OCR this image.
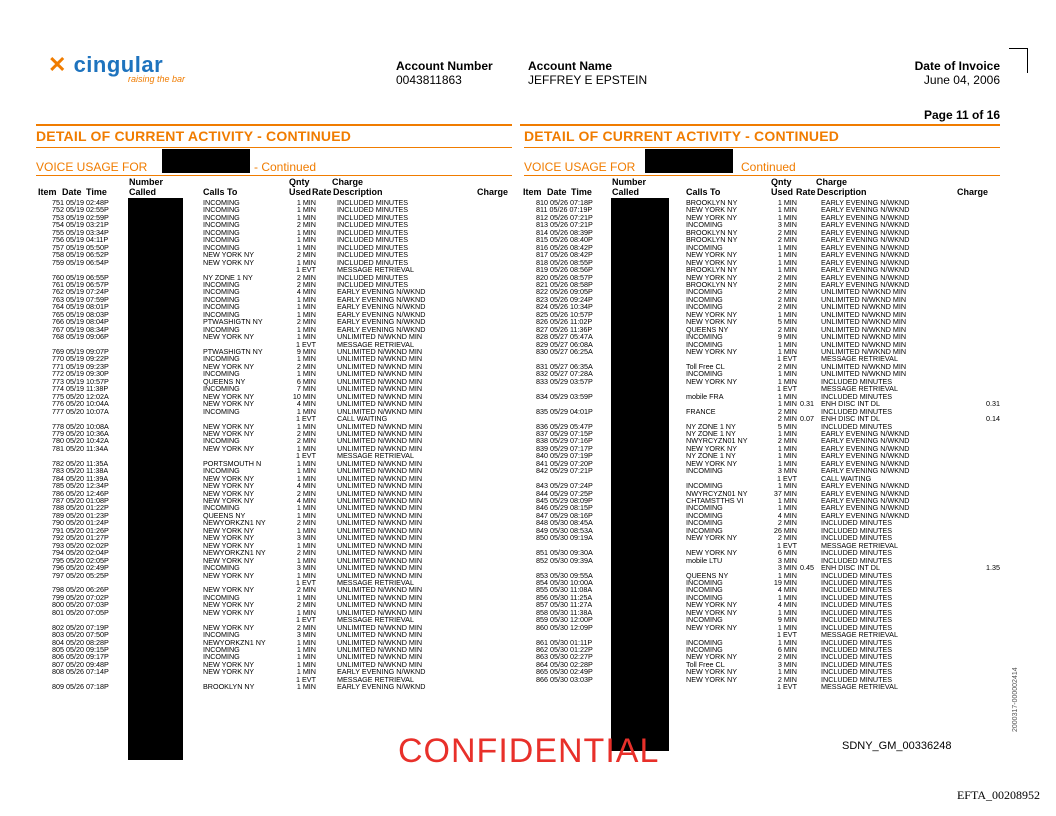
✕ cingular
raising the bar
Account Number
0043811863
Account Name
JEFFREY E EPSTEIN
Date of Invoice
June 04, 2006
Page 11 of 16
DETAIL OF CURRENT ACTIVITY - CONTINUED
VOICE USAGE FOR	- Continued
DETAIL OF CURRENT ACTIVITY - CONTINUED
VOICE USAGE FOR	Continued
Number	Qnty Charge
Item Date Time Called	Calls To	Used Rate Description	Charge
Number	Qnty	Charge
Item Date Time Called	Calls To	Used Rate Description	Charge
751 05/19 02:48P	INCOMING	1 MIN	INCLUDED MINUTES
752 05/19 02:55P	INCOMING	1 MIN	INCLUDED MINUTES
753 05/19 02:59P	INCOMING	1 MIN	INCLUDED MINUTES
754 05/19 03:21P	INCOMING	2 MIN	INCLUDED MINUTES
755 05/19 03:34P	INCOMING	1 MIN	INCLUDED MINUTES
756 05/19 04:11P	INCOMING	1 MIN	INCLUDED MINUTES
757 05/19 05:50P	INCOMING	1 MIN	INCLUDED MINUTES
758 05/19 06:52P	NEW YORK NY	2 MIN	INCLUDED MINUTES
759 05/19 06:54P	NEW YORK NY	1 MIN	INCLUDED MINUTES
1 EVT	MESSAGE RETRIEVAL
760 05/19 06:55P	NY ZONE 1 NY	2 MIN	INCLUDED MINUTES
761 05/19 06:57P	INCOMING	2 MIN	INCLUDED MINUTES
762 05/19 07:24P	INCOMING	4 MIN	EARLY EVENING N/WKND
763 05/19 07:59P	INCOMING	1 MIN	EARLY EVENING N/WKND
764 05/19 08:01P	INCOMING	1 MIN	EARLY EVENING N/WKND
765 05/19 08:03P	INCOMING	1 MIN	EARLY EVENING N/WKND
766 05/19 08:04P	PTWASHIGTN NY	2 MIN	EARLY EVENING N/WKND
767 05/19 08:34P	INCOMING	1 MIN	EARLY EVENING N/WKND
768 05/19 09:06P	NEW YORK NY	1 MIN	UNLIMITED N/WKND MIN
1 EVT	MESSAGE RETRIEVAL
769 05/19 09:07P	PTWASHIGTN NY	9 MIN	UNLIMITED N/WKND MIN
770 05/19 09:22P	INCOMING	1 MIN	UNLIMITED N/WKND MIN
771 05/19 09:23P	NEW YORK NY	2 MIN	UNLIMITED N/WKND MIN
772 05/19 09:30P	INCOMING	1 MIN	UNLIMITED N/WKND MIN
773 05/19 10:57P	QUEENS NY	6 MIN	UNLIMITED N/WKND MIN
774 05/19 11:38P	INCOMING	7 MIN	UNLIMITED N/WKND MIN
775 05/20 12:02A	NEW YORK NY	10 MIN	UNLIMITED N/WKND MIN
776 05/20 10:04A	NEW YORK NY	4 MIN	UNLIMITED N/WKND MIN
777 05/20 10:07A	INCOMING	1 MIN	UNLIMITED N/WKND MIN
1 EVT	CALL WAITING
778 05/20 10:08A	NEW YORK NY	1 MIN	UNLIMITED N/WKND MIN
779 05/20 10:36A	NEW YORK NY	2 MIN	UNLIMITED N/WKND MIN
780 05/20 10:42A	INCOMING	2 MIN	UNLIMITED N/WKND MIN
781 05/20 11:34A	NEW YORK NY	1 MIN	UNLIMITED N/WKND MIN
1 EVT	MESSAGE RETRIEVAL
782 05/20 11:35A	PORTSMOUTH N	1 MIN	UNLIMITED N/WKND MIN
783 05/20 11:38A	INCOMING	1 MIN	UNLIMITED N/WKND MIN
784 05/20 11:39A	NEW YORK NY	1 MIN	UNLIMITED N/WKND MIN
785 05/20 12:34P	NEW YORK NY	4 MIN	UNLIMITED N/WKND MIN
786 05/20 12:46P	NEW YORK NY	2 MIN	UNLIMITED N/WKND MIN
787 05/20 01:08P	NEW YORK NY	4 MIN	UNLIMITED N/WKND MIN
788 05/20 01:22P	INCOMING	1 MIN	UNLIMITED N/WKND MIN
789 05/20 01:23P	QUEENS NY	1 MIN	UNLIMITED N/WKND MIN
790 05/20 01:24P	NEWYORKZN1 NY	2 MIN	UNLIMITED N/WKND MIN
791 05/20 01:26P	NEW YORK NY	1 MIN	UNLIMITED N/WKND MIN
792 05/20 01:27P	NEW YORK NY	3 MIN	UNLIMITED N/WKND MIN
793 05/20 02:02P	NEW YORK NY	1 MIN	UNLIMITED N/WKND MIN
794 05/20 02:04P	NEWYORKZN1 NY	2 MIN	UNLIMITED N/WKND MIN
795 05/20 02:05P	NEW YORK NY	1 MIN	UNLIMITED N/WKND MIN
796 05/20 02:49P	INCOMING	3 MIN	UNLIMITED N/WKND MIN
797 05/20 05:25P	NEW YORK NY	1 MIN	UNLIMITED N/WKND MIN
1 EVT	MESSAGE RETRIEVAL
798 05/20 06:26P	NEW YORK NY	2 MIN	UNLIMITED N/WKND MIN
799 05/20 07:02P	INCOMING	1 MIN	UNLIMITED N/WKND MIN
800 05/20 07:03P	NEW YORK NY	2 MIN	UNLIMITED N/WKND MIN
801 05/20 07:05P	NEW YORK NY	1 MIN	UNLIMITED N/WKND MIN
1 EVT	MESSAGE RETRIEVAL
802 05/20 07:19P	NEW YORK NY	2 MIN	UNLIMITED N/WKND MIN
803 05/20 07:50P	INCOMING	3 MIN	UNLIMITED N/WKND MIN
804 05/20 08:28P	NEWYORKZN1 NY	1 MIN	UNLIMITED N/WKND MIN
805 05/20 09:15P	INCOMING	1 MIN	UNLIMITED N/WKND MIN
806 05/20 09:17P	INCOMING	1 MIN	UNLIMITED N/WKND MIN
807 05/20 09:48P	NEW YORK NY	1 MIN	UNLIMITED N/WKND MIN
808 05/26 07:14P	NEW YORK NY	1 MIN	EARLY EVENING N/WKND
1 EVT	MESSAGE RETRIEVAL
809 05/26 07:18P	BROOKLYN NY	1 MIN	EARLY EVENING N/WKND
810 05/26 07:18P	BROOKLYN NY	1 MIN	EARLY EVENING N/WKND
811 05/26 07:19P	NEW YORK NY	1 MIN	EARLY EVENING N/WKND
812 05/26 07:21P	NEW YORK NY	1 MIN	EARLY EVENING N/WKND
813 05/26 07:21P	INCOMING	3 MIN	EARLY EVENING N/WKND
814 05/26 08:39P	BROOKLYN NY	2 MIN	EARLY EVENING N/WKND
815 05/26 08:40P	BROOKLYN NY	2 MIN	EARLY EVENING N/WKND
816 05/26 08:42P	INCOMING	1 MIN	EARLY EVENING N/WKND
817 05/26 08:42P	NEW YORK NY	1 MIN	EARLY EVENING N/WKND
818 05/26 08:55P	NEW YORK NY	1 MIN	EARLY EVENING N/WKND
819 05/26 08:56P	BROOKLYN NY	1 MIN	EARLY EVENING N/WKND
820 05/26 08:57P	NEW YORK NY	2 MIN	EARLY EVENING N/WKND
821 05/26 08:58P	BROOKLYN NY	2 MIN	EARLY EVENING N/WKND
822 05/26 09:05P	INCOMING	2 MIN	UNLIMITED N/WKND MIN
823 05/26 09:24P	INCOMING	2 MIN	UNLIMITED N/WKND MIN
824 05/26 10:34P	INCOMING	2 MIN	UNLIMITED N/WKND MIN
825 05/26 10:57P	NEW YORK NY	1 MIN	UNLIMITED N/WKND MIN
826 05/26 11:02P	NEW YORK NY	5 MIN	UNLIMITED N/WKND MIN
827 05/26 11:36P	QUEENS NY	2 MIN	UNLIMITED N/WKND MIN
828 05/27 05:47A	INCOMING	9 MIN	UNLIMITED N/WKND MIN
829 05/27 06:08A	INCOMING	1 MIN	UNLIMITED N/WKND MIN
830 05/27 06:25A	NEW YORK NY	1 MIN	UNLIMITED N/WKND MIN
1 EVT	MESSAGE RETRIEVAL
831 05/27 06:35A	Toll Free CL	2 MIN	UNLIMITED N/WKND MIN
832 05/27 07:28A	INCOMING	1 MIN	UNLIMITED N/WKND MIN
833 05/29 03:57P	NEW YORK NY	1 MIN	INCLUDED MINUTES
1 EVT	MESSAGE RETRIEVAL
834 05/29 03:59P	mobile FRA	1 MIN	INCLUDED MINUTES
1 MIN 0.31 ENH DISC INT DL	0.31
835 05/29 04:01P	FRANCE	2 MIN	INCLUDED MINUTES
2 MIN 0.07 ENH DISC INT DL	0.14
836 05/29 05:47P	NY ZONE 1 NY	5 MIN	INCLUDED MINUTES
837 05/29 07:15P	NY ZONE 1 NY	1 MIN	EARLY EVENING N/WKND
838 05/29 07:16P	NWYRCYZN01 NY	2 MIN	EARLY EVENING N/WKND
839 05/29 07:17P	NEW YORK NY	1 MIN	EARLY EVENING N/WKND
840 05/29 07:19P	NY ZONE 1 NY	1 MIN	EARLY EVENING N/WKND
841 05/29 07:20P	NEW YORK NY	1 MIN	EARLY EVENING N/WKND
842 05/29 07:21P	INCOMING	3 MIN	EARLY EVENING N/WKND
1 EVT	CALL WAITING
843 05/29 07:24P	INCOMING	1 MIN	EARLY EVENING N/WKND
844 05/29 07:25P	NWYRCYZN01 NY	37 MIN	EARLY EVENING N/WKND
845 05/29 08:09P	CHTAMSTTHS VI	1 MIN	EARLY EVENING N/WKND
846 05/29 08:15P	INCOMING	1 MIN	EARLY EVENING N/WKND
847 05/29 08:16P	INCOMING	4 MIN	EARLY EVENING N/WKND
848 05/30 08:45A	INCOMING	2 MIN	INCLUDED MINUTES
849 05/30 08:53A	INCOMING	26 MIN	INCLUDED MINUTES
850 05/30 09:19A	NEW YORK NY	2 MIN	INCLUDED MINUTES
1 EVT	MESSAGE RETRIEVAL
851 05/30 09:30A	NEW YORK NY	6 MIN	INCLUDED MINUTES
852 05/30 09:39A	mobile LTU	3 MIN	INCLUDED MINUTES
3 MIN 0.45 ENH DISC INT DL	1.35
853 05/30 09:55A	QUEENS NY	1 MIN	INCLUDED MINUTES
854 05/30 10:00A	INCOMING	19 MIN	INCLUDED MINUTES
855 05/30 11:08A	INCOMING	4 MIN	INCLUDED MINUTES
856 05/30 11:25A	INCOMING	1 MIN	INCLUDED MINUTES
857 05/30 11:27A	NEW YORK NY	4 MIN	INCLUDED MINUTES
858 05/30 11:38A	NEW YORK NY	1 MIN	INCLUDED MINUTES
859 05/30 12:00P	INCOMING	9 MIN	INCLUDED MINUTES
860 05/30 12:09P	NEW YORK NY	1 MIN	INCLUDED MINUTES
1 EVT	MESSAGE RETRIEVAL
861 05/30 01:11P	INCOMING	1 MIN	INCLUDED MINUTES
862 05/30 01:22P	INCOMING	6 MIN	INCLUDED MINUTES
863 05/30 02:27P	NEW YORK NY	2 MIN	INCLUDED MINUTES
864 05/30 02:28P	Toll Free CL	3 MIN	INCLUDED MINUTES
865 05/30 02:49P	NEW YORK NY	1 MIN	INCLUDED MINUTES
866 05/30 03:03P	NEW YORK NY	2 MIN	INCLUDED MINUTES
1 EVT	MESSAGE RETRIEVAL
SDNY_GM_00336248
CONFIDENTIAL
2000317-000002414
EFTA_00208952
